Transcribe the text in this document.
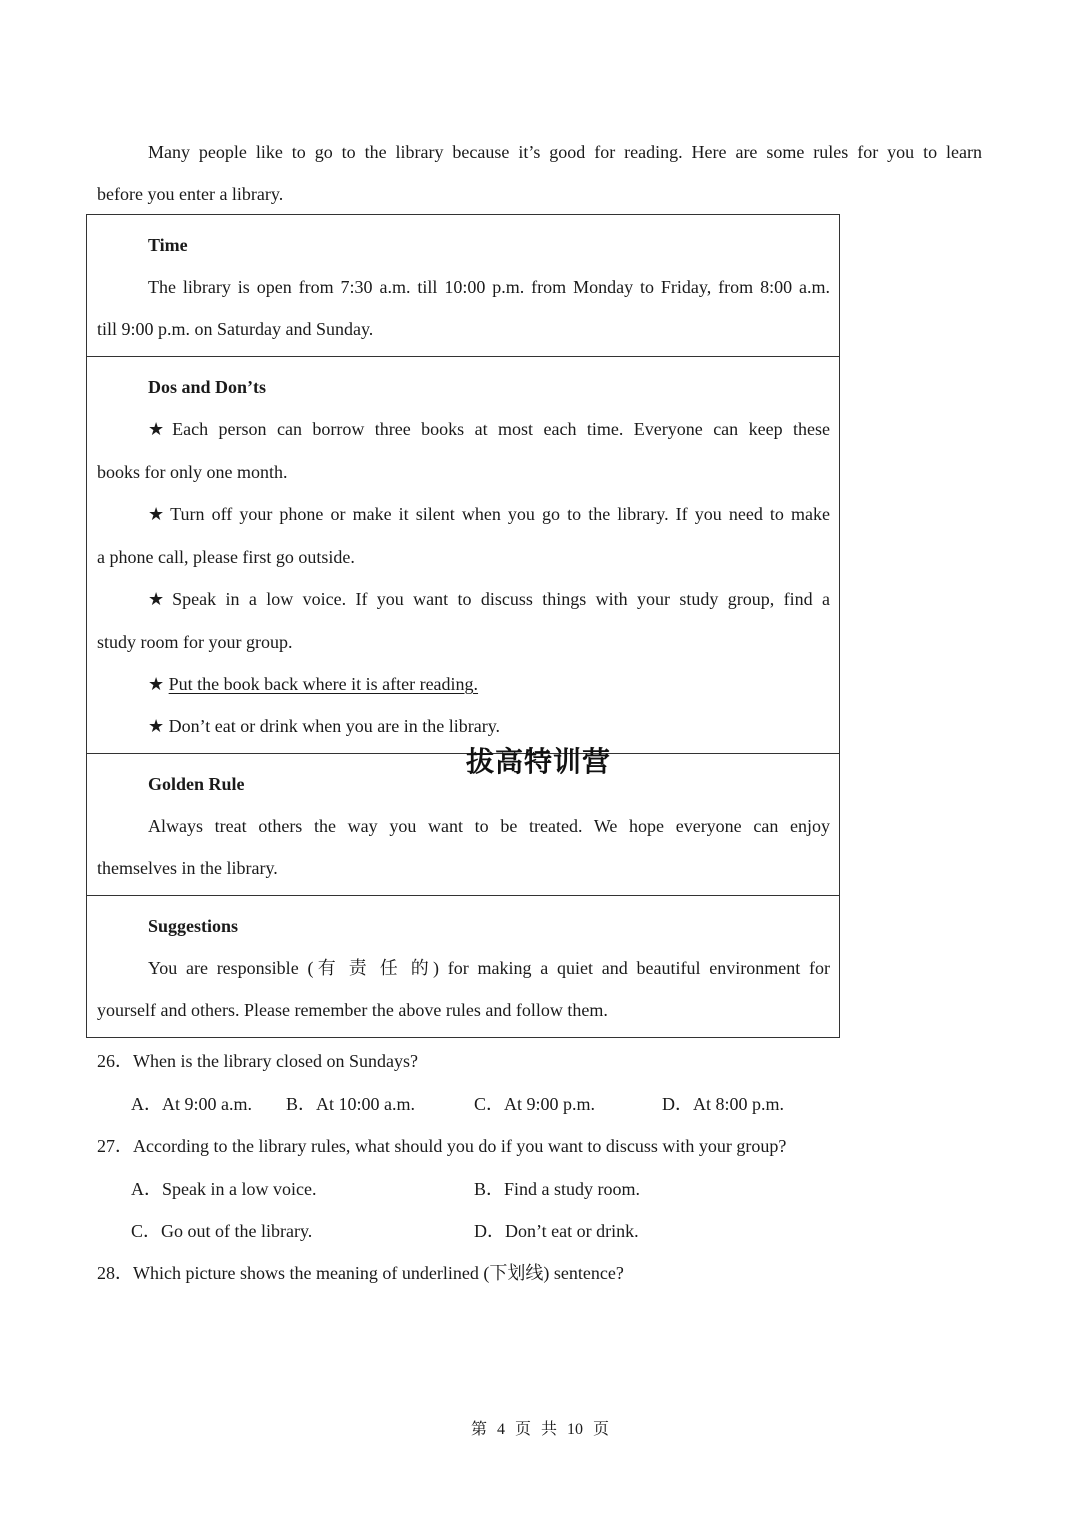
Many people like to go to the library because it’s good for reading. Here are some rules for you to learn
before you enter a library.
Time
The library is open from 7:30 a.m. till 10:00 p.m. from Monday to Friday, from 8:00 a.m.
till 9:00 p.m. on Saturday and Sunday.
Dos and Don’ts
★ Each person can borrow three books at most each time. Everyone can keep these
books for only one month.
★ Turn off your phone or make it silent when you go to the library. If you need to make
a phone call, please first go outside.
★ Speak in a low voice. If you want to discuss things with your study group, find a
study room for your group.
★ Put the book back where it is after reading.
★ Don’t eat or drink when you are in the library.
Golden Rule
Always treat others the way you want to be treated. We hope everyone can enjoy
themselves in the library.
拔高特训营
Suggestions
You are responsible (有 责 任 的) for making a quiet and beautiful environment for
yourself and others. Please remember the above rules and follow them.
26．When is the library closed on Sundays?
A．At 9:00 a.m. B．At 10:00 a.m.	C．At 9:00 p.m.	D．At 8:00 p.m.
27．According to the library rules, what should you do if you want to discuss with your group?
A．Speak in a low voice.	B．Find a study room.
C．Go out of the library.	D．Don’t eat or drink.
28．Which picture shows the meaning of underlined (下划线) sentence?
第 4 页 共 10 页
